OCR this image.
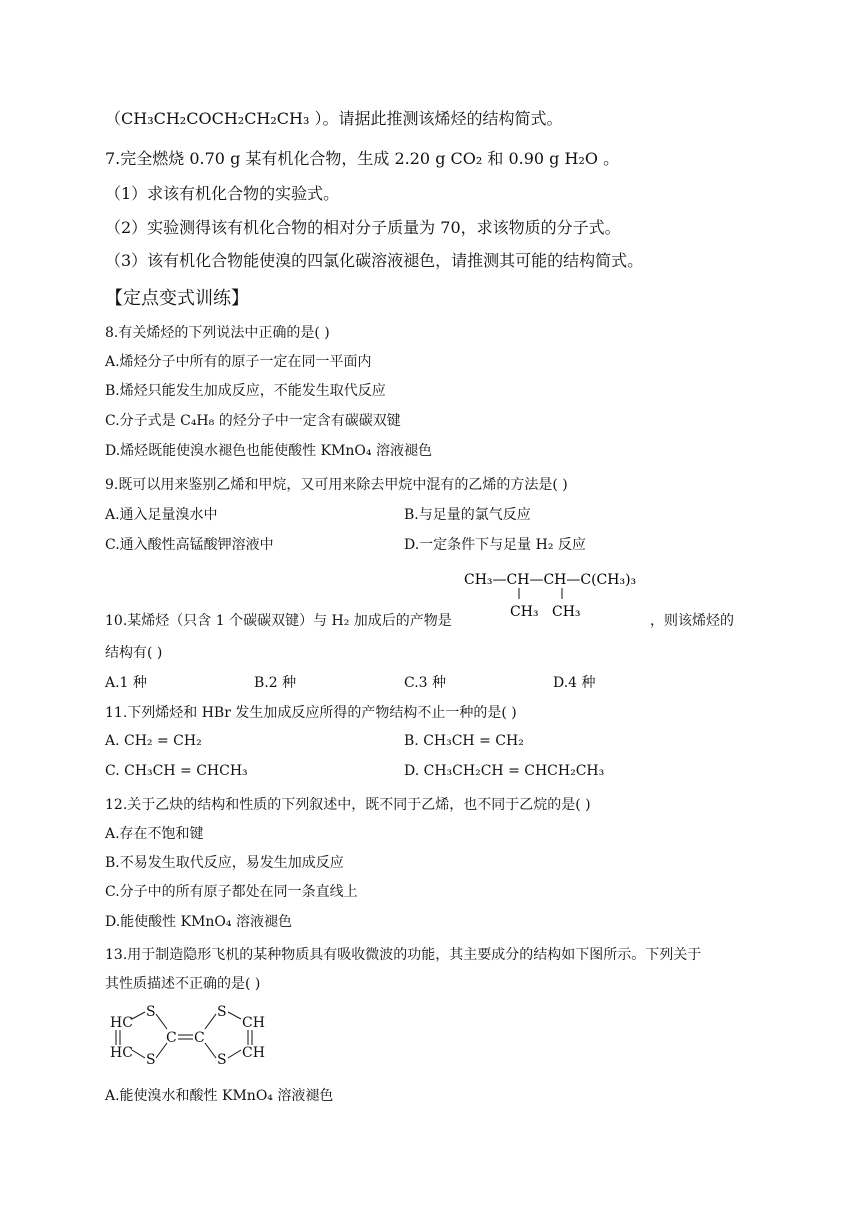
（CH₃CH₂COCH₂CH₂CH₃ ）。请据此推测该烯烃的结构简式。
7.完全燃烧 0.70 g 某有机化合物，生成 2.20 g CO₂ 和 0.90 g H₂O 。
（1）求该有机化合物的实验式。
（2）实验测得该有机化合物的相对分子质量为 70，求该物质的分子式。
（3）该有机化合物能使溴的四氯化碳溶液褪色，请推测其可能的结构简式。
【定点变式训练】
8.有关烯烃的下列说法中正确的是( )
A.烯烃分子中所有的原子一定在同一平面内
B.烯烃只能发生加成反应，不能发生取代反应
C.分子式是 C₄H₈ 的烃分子中一定含有碳碳双键
D.烯烃既能使溴水褪色也能使酸性 KMnO₄ 溶液褪色
9.既可以用来鉴别乙烯和甲烷，又可用来除去甲烷中混有的乙烯的方法是( )
A.通入足量溴水中	B.与足量的氯气反应
C.通入酸性高锰酸钾溶液中	D.一定条件下与足量 H₂ 反应
CH₃—CH—CH—C(CH₃)₃
CH₃ CH₃
10.某烯烃（只含 1 个碳碳双键）与 H₂ 加成后的产物是	，则该烯烃的
结构有( )
A.1 种	B.2 种	C.3 种	D.4 种
11.下列烯烃和 HBr 发生加成反应所得的产物结构不止一种的是( )
A. CH₂ = CH₂	B. CH₃CH = CH₂
C. CH₃CH = CHCH₃	D. CH₃CH₂CH = CHCH₂CH₃
12.关于乙炔的结构和性质的下列叙述中，既不同于乙烯，也不同于乙烷的是( )
A.存在不饱和键
B.不易发生取代反应，易发生加成反应
C.分子中的所有原子都处在同一条直线上
D.能使酸性 KMnO₄ 溶液褪色
13.用于制造隐形飞机的某种物质具有吸收微波的功能，其主要成分的结构如下图所示。下列关于
其性质描述不正确的是( )
HC
HC
S
S
C C
S
S
CH
CH
A.能使溴水和酸性 KMnO₄ 溶液褪色
